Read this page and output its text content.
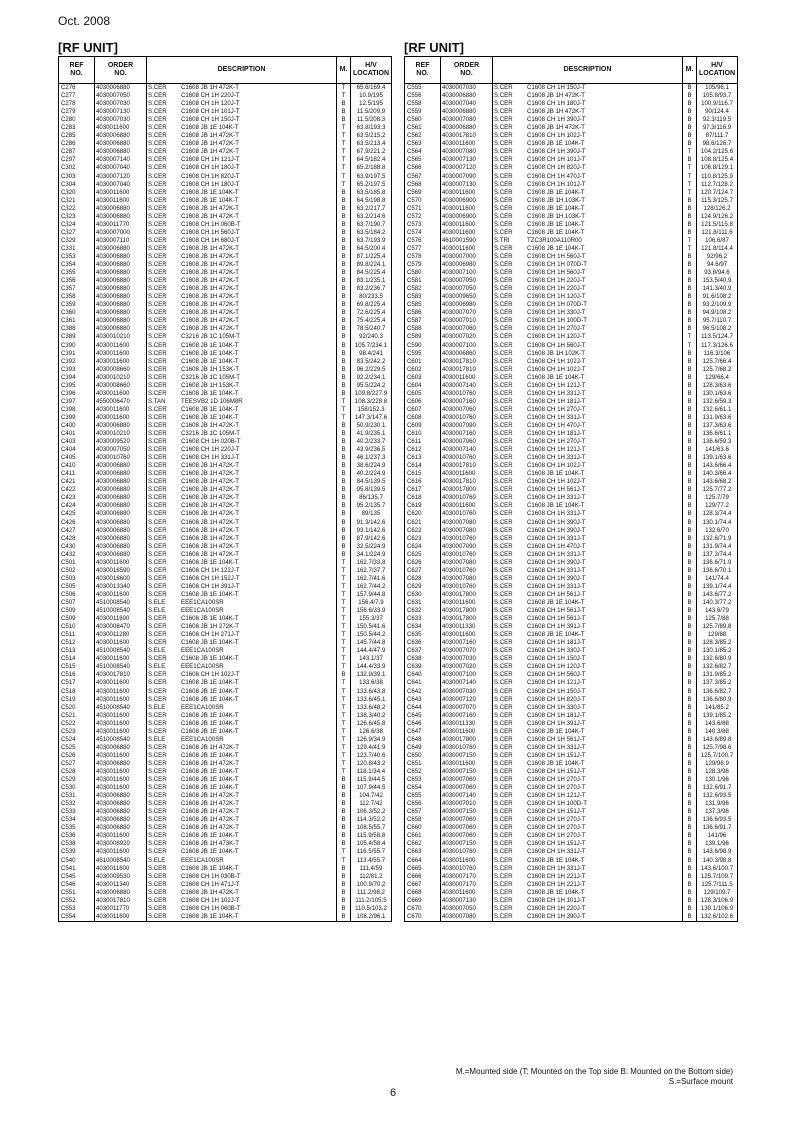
Oct. 2008
[RF UNIT]
REF
NO.	ORDER
NO.	DESCRIPTION	M.	H/V
LOCATION
C276	4030006880	S.CER C1608 JB 1H 472K-T	T	65.6/169.4
C277	4030007050	S.CER C1608 CH 1H 220J-T	T	10.9/195
C278	4030007030	S.CER C1608 CH 1H 120J-T	B	12.5/195
C279	4030007130	S.CER C1608 CH 1H 101J-T	B	11.5/209.9
C280	4030007030	S.CER C1608 CH 1H 150J-T	B	11.5/208.3
C283	4030011600	S.CER C1608 JB 1E 104K-T	T	63.8/193.3
C285	4030006880	S.CER C1608 JB 1H 472K-T	T	63.5/215.2
C286	4030006880	S.CER C1608 JB 1H 472K-T	T	63.5/213.4
C287	4030006880	S.CER C1608 JB 1H 472K-T	T	67.9/221.2
C297	4030007140	S.CER C1608 CH 1H 121J-T	T	64.5/182.4
C302	4030007040	S.CER C1608 CH 1H 180J-T	T	65.2/188.8
C303	4030007120	S.CER C1608 CH 1H 820J-T	T	63.9/197.5
C304	4030007040	S.CER C1608 CH 1H 180J-T	T	65.2/197.5
C320	4030011600	S.CER C1608 JB 1E 104K-T	B	63.5/185.8
C321	4030011600	S.CER C1608 JB 1E 104K-T	B	64.5/198.8
C322	4030006880	S.CER C1608 JB 1H 472K-T	B	63.2/217.7
C323	4030006880	S.CER C1608 JB 1H 472K-T	B	63.2/214.6
C324	4030011770	S.CER C1608 CH 1H 060B-T	B	63.7/190.7
C327	4030007000	S.CER C1608 CH 1H 560J-T	B	63.5/184.2
C329	4030007110	S.CER C1608 CH 1H 680J-T	B	63.7/193.9
C331	4030006880	S.CER C1608 JB 1H 472K-T	B	64.5/200.4
C353	4030006880	S.CER C1608 JB 1H 472K-T	B	87.1/225.4
C354	4030006880	S.CER C1608 JB 1H 472K-T	B	89.8/224.1
C355	4030006880	S.CER C1608 JB 1H 472K-T	B	84.5/225.4
C356	4030006880	S.CER C1608 JB 1H 472K-T	B	83.1/235.1
C357	4030006880	S.CER C1608 JB 1H 472K-T	B	83.2/236.7
C358	4030006880	S.CER C1608 JB 1H 472K-T	B	80/233.5
C359	4030006880	S.CER C1608 JB 1H 472K-T	B	69.8/225.4
C360	4030006880	S.CER C1608 JB 1H 472K-T	B	72.6/225.4
C361	4030006880	S.CER C1608 JB 1H 472K-T	B	75.4/225.4
C388	4030006880	S.CER C1608 JB 1H 472K-T	B	78.5/240.7
C389	4030010210	S.CER C3216 JB 1C 105M-T	B	92/240.3
C390	4030011600	S.CER C1608 JB 1E 104K-T	B	105.7/234.1
C391	4030011600	S.CER C1608 JB 1E 104K-T	B	98.4/241
C392	4030011600	S.CER C1608 JB 1E 104K-T	B	83.5/242.2
C393	4030008660	S.CER C1608 JB 1H 153K-T	B	96.2/229.5
C394	4030010210	S.CER C3216 JB 1C 105M-T	B	92.2/234.1
C395	4030008660	S.CER C1608 JB 1H 153K-T	B	95.5/224.2
C396	4030011600	S.CER C1608 JB 1E 104K-T	B	109.8/227.9
C397	4550006470	S.TAN TEESVB2 1D 106M8R	T	108.3/228.8
C398	4030011600	S.CER C1608 JB 1E 104K-T	T	158/152.3
C399	4030011600	S.CER C1608 JB 1E 104K-T	T	147.3/147.6
C400	4030006880	S.CER C1608 JB 1H 472K-T	B	50.9/230.1
C401	4030010210	S.CER C3216 JB 1C 105M-T	B	41.9/235.1
C403	4030009520	S.CER C1608 CH 1H 020B-T	B	40.2/233.7
C404	4030007050	S.CER C1608 CH 1H 220J-T	B	43.9/236.5
C405	4030010760	S.CER C1608 CH 1H 331J-T	B	46.1/237.3
C410	4030006880	S.CER C1608 JB 1H 472K-T	B	38.6/224.9
C411	4030006880	S.CER C1608 JB 1H 472K-T	B	40.2/224.9
C421	4030006880	S.CER C1608 JB 1H 472K-T	B	84.5/139.5
C422	4030006880	S.CER C1608 JB 1H 472K-T	B	95.8/139.5
C423	4030006880	S.CER C1608 JB 1H 472K-T	B	86/135.7
C424	4030006880	S.CER C1608 JB 1H 472K-T	B	95.2/135.7
C425	4030006880	S.CER C1608 JB 1H 472K-T	B	89/135
C426	4030006880	S.CER C1608 JB 1H 472K-T	B	91.3/142.6
C427	4030006880	S.CER C1608 JB 1H 472K-T	B	93.1/142.6
C428	4030006880	S.CER C1608 JB 1H 472K-T	B	87.9/142.6
C430	4030006880	S.CER C1608 JB 1H 472K-T	B	32.5/224.9
C432	4030006880	S.CER C1608 JB 1H 472K-T	B	34.1/224.9
C501	4030011600	S.CER C1608 JB 1E 104K-T	T	162.7/33.8
C502	4030018590	S.CER C1608 CH 1H 122J-T	T	162.7/37.7
C503	4030018600	S.CER C1608 CH 1H 152J-T	T	162.7/41.6
C505	4030013340	S.CER C1608 CH 1H 391J-T	T	162.7/44.2
C506	4030011600	S.CER C1608 JB 1E 104K-T	T	157.9/44.8
C507	4510008540	S.ELE EEE1CA100SR	T	156.4/7.9
C509	4510008540	S.ELE EEE1CA100SR	T	156.6/33.9
C509	4030011600	S.CER C1608 JB 1E 104K-T	T	155.3/37
C510	4030008470	S.CER C1608 JB 1H 272K-T	T	150.5/41.6
C511	4030011280	S.CER C1608 CH 1H 271J-T	T	150.5/44.2
C512	4030011600	S.CER C1608 JB 1E 104K-T	T	145.7/44.8
C513	4510008540	S.ELE EEE1CA100SR	T	144.4/47.9
C514	4030011600	S.CER C1608 JB 1E 104K-T	T	143.1/37
C515	4510008540	S.ELE EEE1CA100SR	T	144.4/33.9
C516	4030017810	S.CER C1608 CH 1H 102J-T	B	132.9/39.1
C517	4030011600	S.CER C1608 JB 1E 104K-T	T	133.6/38
C518	4030011600	S.CER C1608 JB 1E 104K-T	T	133.6/43.8
C519	4030011600	S.CER C1608 JB 1E 104K-T	T	133.6/45.1
C520	4510008540	S.ELE EEE1CA100SR	T	133.6/48.2
C521	4030011600	S.CER C1608 JB 1E 104K-T	T	138.3/40.2
C522	4030011600	S.CER C1608 JB 1E 104K-T	T	126.6/45.8
C523	4030011600	S.CER C1608 JB 1E 104K-T	T	126.6/38
C524	4510008540	S.ELE EEE1CA100SR	T	126.9/34.9
C525	4030006880	S.CER C1608 JB 1H 472K-T	T	129.4/41.9
C526	4030011600	S.CER C1608 JB 1E 104K-T	T	123.7/40.6
C527	4030006880	S.CER C1608 JB 1H 472K-T	T	120.8/43.2
C528	4030011600	S.CER C1608 JB 1E 104K-T	T	118.1/34.4
C529	4030011600	S.CER C1608 JB 1E 104K-T	B	115.9/44.5
C530	4030011600	S.CER C1608 JB 1E 104K-T	B	107.9/44.5
C531	4030006880	S.CER C1608 JB 1H 472K-T	B	104.7/42
C532	4030006880	S.CER C1608 JB 1H 472K-T	B	112.7/42
C533	4030006880	S.CER C1608 JB 1H 472K-T	B	106.3/52.2
C534	4030006880	S.CER C1608 JB 1H 472K-T	B	114.3/52.2
C535	4030006880	S.CER C1608 JB 1H 472K-T	B	108.5/55.7
C536	4030011600	S.CER C1608 JB 1E 104K-T	B	115.9/58.8
C538	4030008920	S.CER C1608 JB 1H 473K-T	B	105.4/58.4
C539	4030011600	S.CER C1608 JB 1E 104K-T	T	116.5/55.7
C540	4510008540	S.ELE EEE1CA100SR	T	113.4/55.7
C541	4030011600	S.CER C1608 JB 1E 104K-T	B	111.4/59
C545	4030009530	S.CER C1608 CH 1H 030B-T	B	112/81.2
C546	4030011340	S.CER C1608 CH 1H 471J-T	B	100.9/70.2
C551	4030006880	S.CER C1608 JB 1H 472K-T	B	111.2/98.2
C552	4030017810	S.CER C1608 CH 1H 102J-T	B	111.2/105.5
C553	4030011770	S.CER C1608 CH 1H 060B-T	B	110.5/103.2
C554	4030011600	S.CER C1608 JB 1E 104K-T	B	108.2/96.1
[RF UNIT]
REF
NO.	ORDER
NO.	DESCRIPTION	M.	H/V
LOCATION
C555	4030007030	S.CER C1608 CH 1H 150J-T	B	105/96.1
C556	4030006880	S.CER C1608 JB 1H 472K-T	B	105.8/93.7
C558	4030007040	S.CER C1608 CH 1H 180J-T	B	100.9/116.7
C559	4030006880	S.CER C1608 JB 1H 472K-T	B	90/124.4
C560	4030007080	S.CER C1608 CH 1H 390J-T	B	92.3/119.5
C561	4030006880	S.CER C1608 JB 1H 472K-T	B	97.3/116.9
C562	4030017810	S.CER C1608 CH 1H 102J-T	B	87/111.7
C563	4030011600	S.CER C1608 JB 1E 104K-T	B	98.6/126.7
C564	4030007080	S.CER C1608 CH 1H 390J-T	T	104.2/125.6
C565	4030007130	S.CER C1608 CH 1H 101J-T	B	108.8/125.4
C566	4030007120	S.CER C1608 CH 1H 820J-T	T	106.8/129.1
C567	4030007090	S.CER C1608 CH 1H 470J-T	T	110.8/125.9
C568	4030007130	S.CER C1608 CH 1H 101J-T	T	112.7/128.2
C569	4030011600	S.CER C1608 JB 1E 104K-T	T	120.7/124.7
C570	4030006900	S.CER C1608 JB 1H 103K-T	B	115.3/125.7
C571	4030011600	S.CER C1608 JB 1E 104K-T	B	128/126.2
C572	4030006900	S.CER C1608 JB 1H 103K-T	B	124.9/126.2
C573	4030011600	S.CER C1608 JB 1E 104K-T	B	121.5/115.8
C574	4030011600	S.CER C1608 JB 1E 104K-T	B	121.8/111.6
C576	4610001590	S.TRI TZC3R100A110R00	T	106.6/87
C577	4030011600	S.CER C1608 JB 1E 104K-T	T	121.8/114.4
C578	4030007000	S.CER C1608 CH 1H 560J-T	B	92/96.2
C579	4030006980	S.CER C1608 CH 1H 070D-T	B	94.6/97
C580	4030007100	S.CER C1608 CH 1H 560J-T	B	93.8/94.6
C581	4030007050	S.CER C1608 CH 1H 220J-T	B	153.5/40.9
C582	4030007050	S.CER C1608 CH 1H 220J-T	B	141.3/40.9
C583	4030009650	S.CER C1608 CH 1H 120J-T	B	91.6/108.2
C585	4030006980	S.CER C1608 CH 1H 070D-T	B	93.2/109.9
C586	4030007070	S.CER C1608 CH 1H 330J-T	B	94.9/108.2
C587	4030007010	S.CER C1608 CH 1H 100D-T	B	95.7/110.7
C588	4030007060	S.CER C1608 CH 1H 270J-T	B	96.5/108.2
C589	4030007020	S.CER C1608 CH 1H 120J-T	T	113.5/124.7
C590	4030007100	S.CER C1608 CH 1H 560J-T	T	117.3/126.6
C595	4030006860	S.CER C1608 JB 1H 102K-T	B	116.3/106
C601	4030017810	S.CER C1608 CH 1H 102J-T	B	125.7/66.4
C602	4030017810	S.CER C1608 CH 1H 102J-T	B	125.7/68.2
C603	4030011600	S.CER C1608 JB 1E 104K-T	B	129/66.4
C604	4030007140	S.CER C1608 CH 1H 121J-T	B	128.3/63.6
C605	4030010760	S.CER C1608 CH 1H 331J-T	B	130.1/63.6
C606	4030007160	S.CER C1608 CH 1H 181J-T	B	132.6/59.3
C607	4030007060	S.CER C1608 CH 1H 270J-T	B	132.6/61.1
C608	4030010760	S.CER C1608 CH 1H 331J-T	B	131.9/63.6
C609	4030007090	S.CER C1608 CH 1H 470J-T	B	137.3/63.6
C610	4030007160	S.CER C1608 CH 1H 181J-T	B	136.6/61.1
C611	4030007060	S.CER C1608 CH 1H 270J-T	B	136.6/59.3
C612	4030007140	S.CER C1608 CH 1H 121J-T	B	141/63.6
C613	4030010760	S.CER C1608 CH 1H 331J-T	B	139.1/63.6
C614	4030017810	S.CER C1608 CH 1H 102J-T	B	143.6/66.4
C615	4030011600	S.CER C1608 JB 1E 104K-T	B	140.3/66.4
C616	4030017810	S.CER C1608 CH 1H 102J-T	B	143.6/68.2
C617	4030017800	S.CER C1608 CH 1H 561J-T	B	125.7/77.2
C618	4030010760	S.CER C1608 CH 1H 331J-T	B	125.7/79
C619	4030011600	S.CER C1608 JB 1E 104K-T	B	129/77.2
C620	4030010760	S.CER C1608 CH 1H 331J-T	B	128.3/74.4
C621	4030007080	S.CER C1608 CH 1H 390J-T	B	130.1/74.4
C622	4030007080	S.CER C1608 CH 1H 390J-T	B	132.6/70
C623	4030010760	S.CER C1608 CH 1H 331J-T	B	132.6/71.9
C624	4030007090	S.CER C1608 CH 1H 470J-T	B	131.9/74.4
C625	4030010760	S.CER C1608 CH 1H 331J-T	B	137.3/74.4
C626	4030007080	S.CER C1608 CH 1H 390J-T	B	136.6/71.9
C627	4030010760	S.CER C1608 CH 1H 331J-T	B	136.6/70.1
C628	4030007080	S.CER C1608 CH 1H 390J-T	B	141/74.4
C629	4030010760	S.CER C1608 CH 1H 331J-T	B	139.1/74.4
C630	4030017800	S.CER C1608 CH 1H 561J-T	B	143.6/77.2
C631	4030011600	S.CER C1608 JB 1E 104K-T	B	140.3/77.2
C632	4030017800	S.CER C1608 CH 1H 561J-T	B	143.6/79
C633	4030017800	S.CER C1608 CH 1H 561J-T	B	125.7/88
C634	4030011330	S.CER C1608 CH 1H 391J-T	B	125.7/89.8
C635	4030011600	S.CER C1608 JB 1E 104K-T	B	129/88
C636	4030007160	S.CER C1608 CH 1H 181J-T	B	128.3/85.2
C637	4030007070	S.CER C1608 CH 1H 330J-T	B	130.1/85.2
C638	4030007030	S.CER C1608 CH 1H 150J-T	B	132.6/80.9
C639	4030007020	S.CER C1608 CH 1H 120J-T	B	132.6/82.7
C640	4030007100	S.CER C1608 CH 1H 560J-T	B	131.9/85.2
C641	4030007140	S.CER C1608 CH 1H 121J-T	B	137.3/85.2
C642	4030007030	S.CER C1608 CH 1H 150J-T	B	136.6/82.7
C643	4030007120	S.CER C1608 CH 1H 820J-T	B	136.6/80.9
C644	4030007070	S.CER C1608 CH 1H 330J-T	B	141/85.2
C645	4030007160	S.CER C1608 CH 1H 181J-T	B	139.1/85.2
C646	4030011330	S.CER C1608 CH 1H 391J-T	B	143.6/88
C647	4030011600	S.CER C1608 JB 1E 104K-T	B	140.3/88
C648	4030017800	S.CER C1608 CH 1H 561J-T	B	143.6/89.8
C649	4030010760	S.CER C1608 CH 1H 331J-T	B	125.7/98.6
C650	4030007150	S.CER C1608 CH 1H 151J-T	B	125.7/100.7
C651	4030011600	S.CER C1608 JB 1E 104K-T	B	129/98.9
C652	4030007150	S.CER C1608 CH 1H 151J-T	B	128.3/96
C653	4030007060	S.CER C1608 CH 1H 270J-T	B	130.1/96
C654	4030007060	S.CER C1608 CH 1H 270J-T	B	132.6/91.7
C655	4030007140	S.CER C1608 CH 1H 121J-T	B	132.6/93.5
C656	4030007010	S.CER C1608 CH 1H 100D-T	B	131.9/96
C657	4030007150	S.CER C1608 CH 1H 151J-T	B	137.3/96
C658	4030007060	S.CER C1608 CH 1H 270J-T	B	136.6/93.5
C660	4030007060	S.CER C1608 CH 1H 270J-T	B	136.6/91.7
C661	4030007060	S.CER C1608 CH 1H 270J-T	B	141/96
C662	4030007150	S.CER C1608 CH 1H 151J-T	B	139.1/96
C663	4030010760	S.CER C1608 CH 1H 331J-T	B	143.6/98.9
C664	4030011600	S.CER C1608 JB 1E 104K-T	B	140.3/98.8
C665	4030010760	S.CER C1608 CH 1H 331J-T	B	143.6/100.7
C666	4030007170	S.CER C1608 CH 1H 221J-T	B	125.7/109.7
C667	4030007170	S.CER C1608 CH 1H 221J-T	B	125.7/111.5
C668	4030011600	S.CER C1608 JB 1E 104K-T	B	129/109.7
C669	4030007130	S.CER C1608 CH 1H 101J-T	B	128.3/106.9
C670	4030007050	S.CER C1608 CH 1H 220J-T	B	130.1/106.9
C670	4030007080	S.CER C1608 CH 1H 390J-T	B	132.6/102.6
M.=Mounted side (T: Mounted on the Top side B: Mounted on the Bottom side)
S.=Surface mount
6
